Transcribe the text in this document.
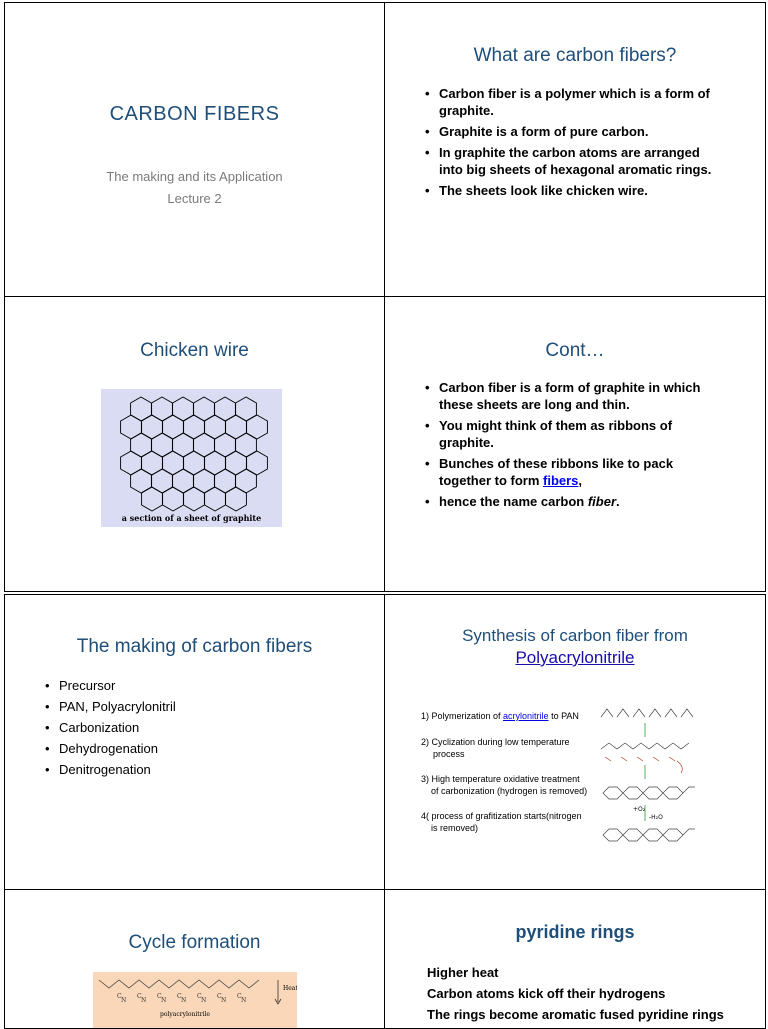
CARBON FIBERS
The making and its Application
Lecture 2
What are carbon fibers?
• Carbon fiber is a polymer which is a form of graphite.
• Graphite is a form of pure carbon.
• In graphite the carbon atoms are arranged into big sheets of hexagonal aromatic rings.
• The sheets look like chicken wire.
Chicken wire
a section of a sheet of graphite
Cont…
• Carbon fiber is a form of graphite in which these sheets are long and thin.
• You might think of them as ribbons of graphite.
• Bunches of these ribbons like to pack together to form fibers,
• hence the name carbon fiber.
The making of carbon fibers
• Precursor
• PAN, Polyacrylonitril
• Carbonization
• Dehydrogenation
• Denitrogenation
Synthesis of carbon fiber from
Polyacrylonitrile
1) Polymerization of acrylonitrile to PAN
2) Cyclization during low temperature
process
3) High temperature oxidative treatment
of carbonization (hydrogen is removed)
4( process of grafitization starts(nitrogen
is removed)
+O₂
-H₂O
Cycle formation
C
N
C
N
C
N
C
N
C
N
C
N
C
N
Heat
polyacrylonitrile
pyridine rings
Higher heat
Carbon atoms kick off their hydrogens
The rings become aromatic fused pyridine rings
